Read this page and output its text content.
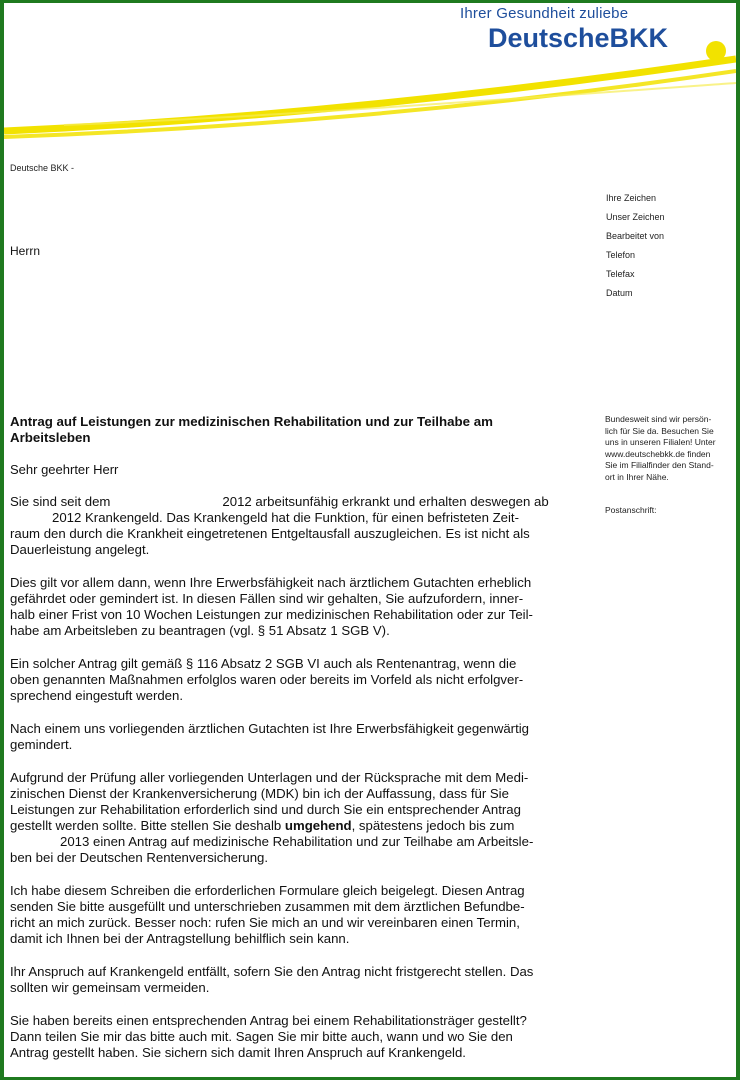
Ihrer Gesundheit zuliebe
DeutscheBKK
Deutsche BKK -
Herrn
Ihre Zeichen
Unser Zeichen
Bearbeitet von
Telefon
Telefax
Datum
Bundesweit sind wir persön-
lich für Sie da. Besuchen Sie
uns in unseren Filialen! Unter
www.deutschebkk.de finden
Sie im Filialfinder den Stand-
ort in Ihrer Nähe.
Postanschrift:
Antrag auf Leistungen zur medizinischen Rehabilitation und zur Teilhabe am
Arbeitsleben
Sehr geehrter Herr

Sie sind seit dem	2012 arbeitsunfähig erkrankt und erhalten deswegen ab
2012 Krankengeld. Das Krankengeld hat die Funktion, für einen befristeten Zeit-
raum den durch die Krankheit eingetretenen Entgeltausfall auszugleichen. Es ist nicht als
Dauerleistung angelegt.

Dies gilt vor allem dann, wenn Ihre Erwerbsfähigkeit nach ärztlichem Gutachten erheblich
gefährdet oder gemindert ist. In diesen Fällen sind wir gehalten, Sie aufzufordern, inner-
halb einer Frist von 10 Wochen Leistungen zur medizinischen Rehabilitation oder zur Teil-
habe am Arbeitsleben zu beantragen (vgl. § 51 Absatz 1 SGB V).

Ein solcher Antrag gilt gemäß § 116 Absatz 2 SGB VI auch als Rentenantrag, wenn die
oben genannten Maßnahmen erfolglos waren oder bereits im Vorfeld als nicht erfolgver-
sprechend eingestuft werden.

Nach einem uns vorliegenden ärztlichen Gutachten ist Ihre Erwerbsfähigkeit gegenwärtig
gemindert.

Aufgrund der Prüfung aller vorliegenden Unterlagen und der Rücksprache mit dem Medi-
zinischen Dienst der Krankenversicherung (MDK) bin ich der Auffassung, dass für Sie
Leistungen zur Rehabilitation erforderlich sind und durch Sie ein entsprechender Antrag
gestellt werden sollte. Bitte stellen Sie deshalb umgehend, spätestens jedoch bis zum
2013 einen Antrag auf medizinische Rehabilitation und zur Teilhabe am Arbeitsle-
ben bei der Deutschen Rentenversicherung.

Ich habe diesem Schreiben die erforderlichen Formulare gleich beigelegt. Diesen Antrag
senden Sie bitte ausgefüllt und unterschrieben zusammen mit dem ärztlichen Befundbe-
richt an mich zurück. Besser noch: rufen Sie mich an und wir vereinbaren einen Termin,
damit ich Ihnen bei der Antragstellung behilflich sein kann.

Ihr Anspruch auf Krankengeld entfällt, sofern Sie den Antrag nicht fristgerecht stellen. Das
sollten wir gemeinsam vermeiden.

Sie haben bereits einen entsprechenden Antrag bei einem Rehabilitationsträger gestellt?
Dann teilen Sie mir das bitte auch mit. Sagen Sie mir bitte auch, wann und wo Sie den
Antrag gestellt haben. Sie sichern sich damit Ihren Anspruch auf Krankengeld.
